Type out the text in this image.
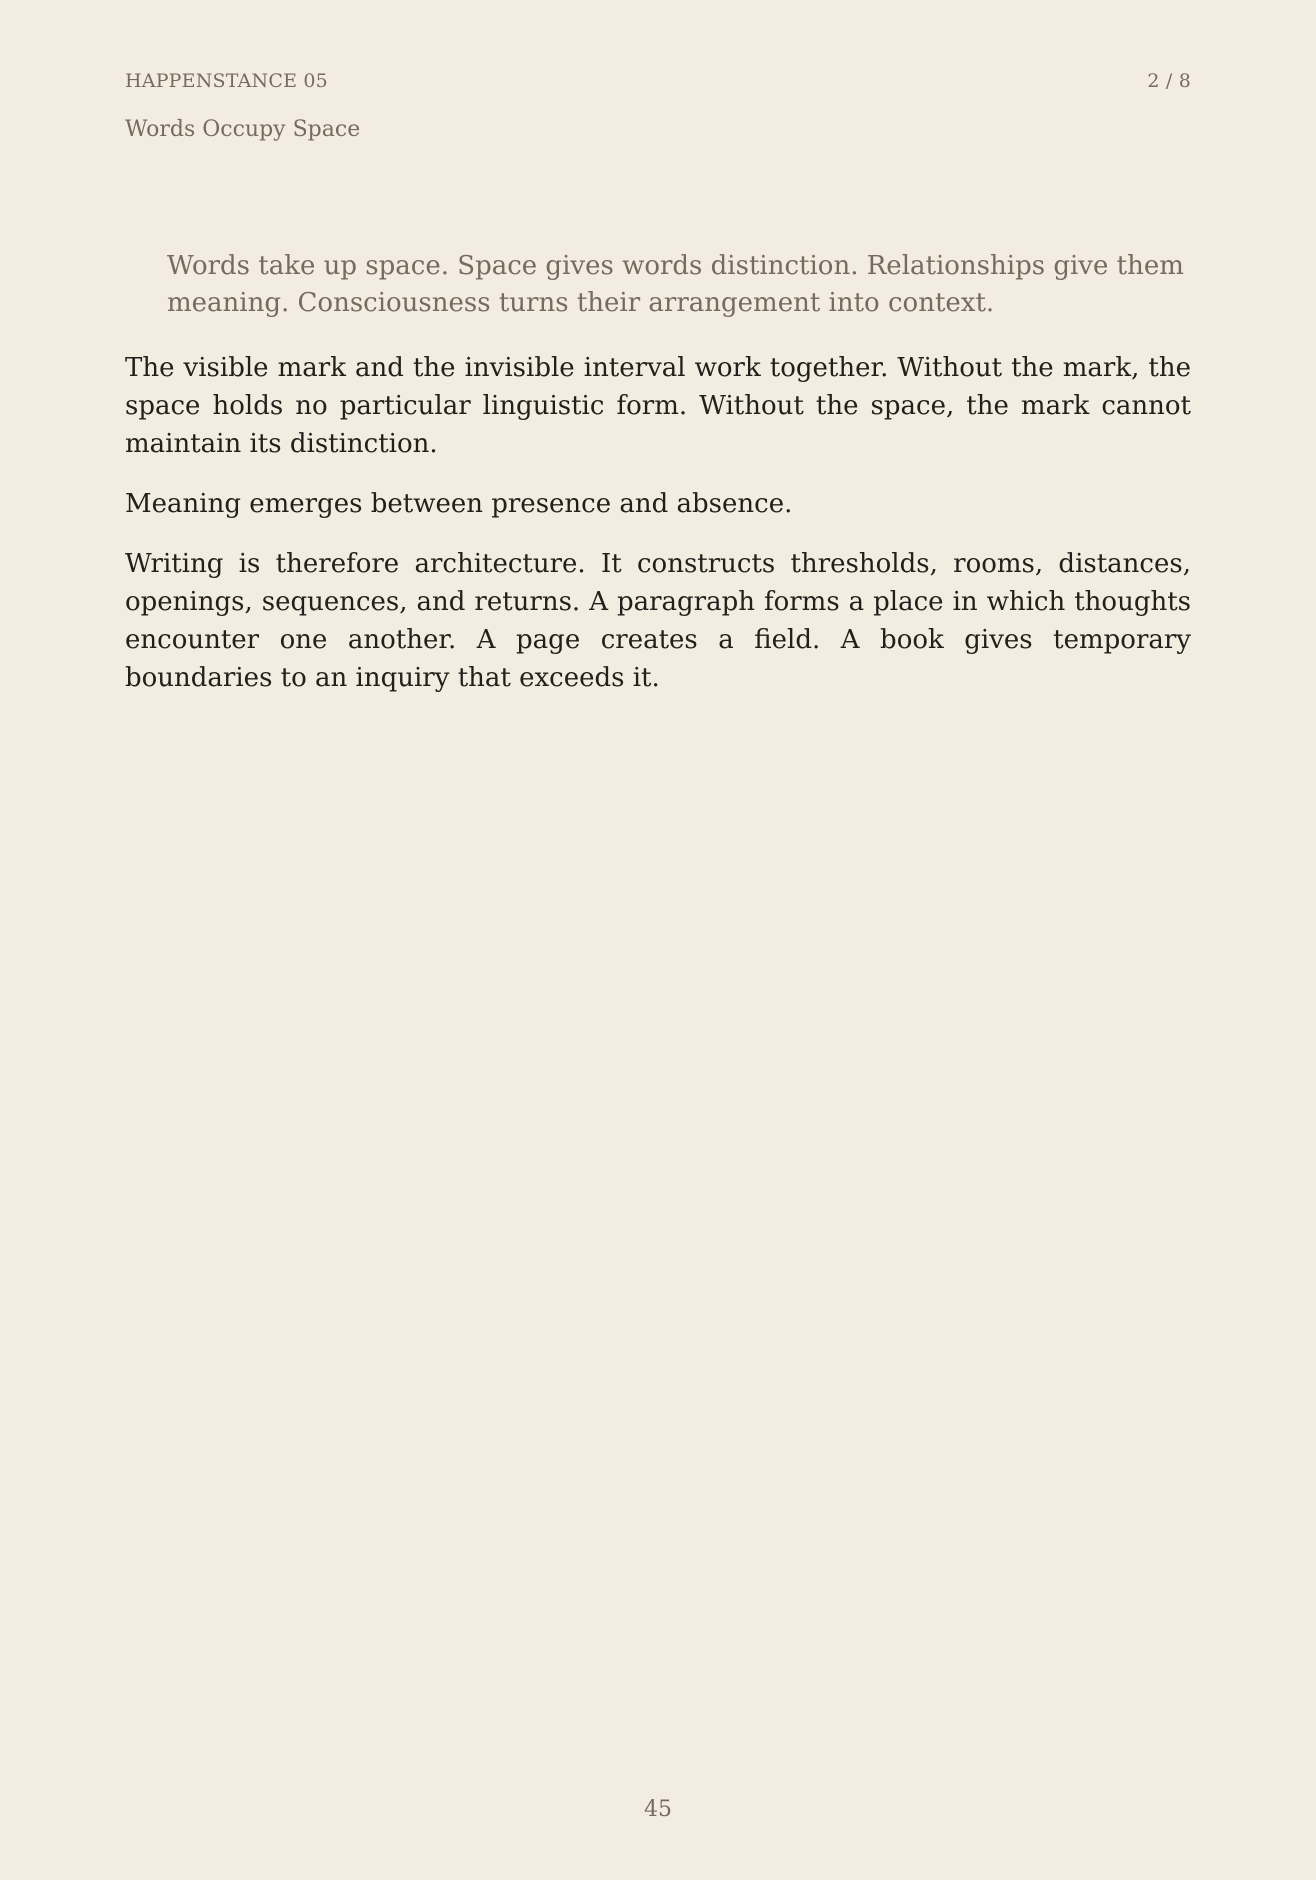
HAPPENSTANCE 05	2 / 8
Words Occupy Space

Words take up space. Space gives words distinction. Relationships give them meaning. Consciousness turns their arrangement into context.

The visible mark and the invisible interval work together. Without the mark, the space holds no particular linguistic form. Without the space, the mark cannot maintain its distinction.

Meaning emerges between presence and absence.

Writing is therefore architecture. It constructs thresholds, rooms, distances, openings, sequences, and returns. A paragraph forms a place in which thoughts encounter one another. A page creates a field. A book gives temporary boundaries to an inquiry that exceeds it.

45
